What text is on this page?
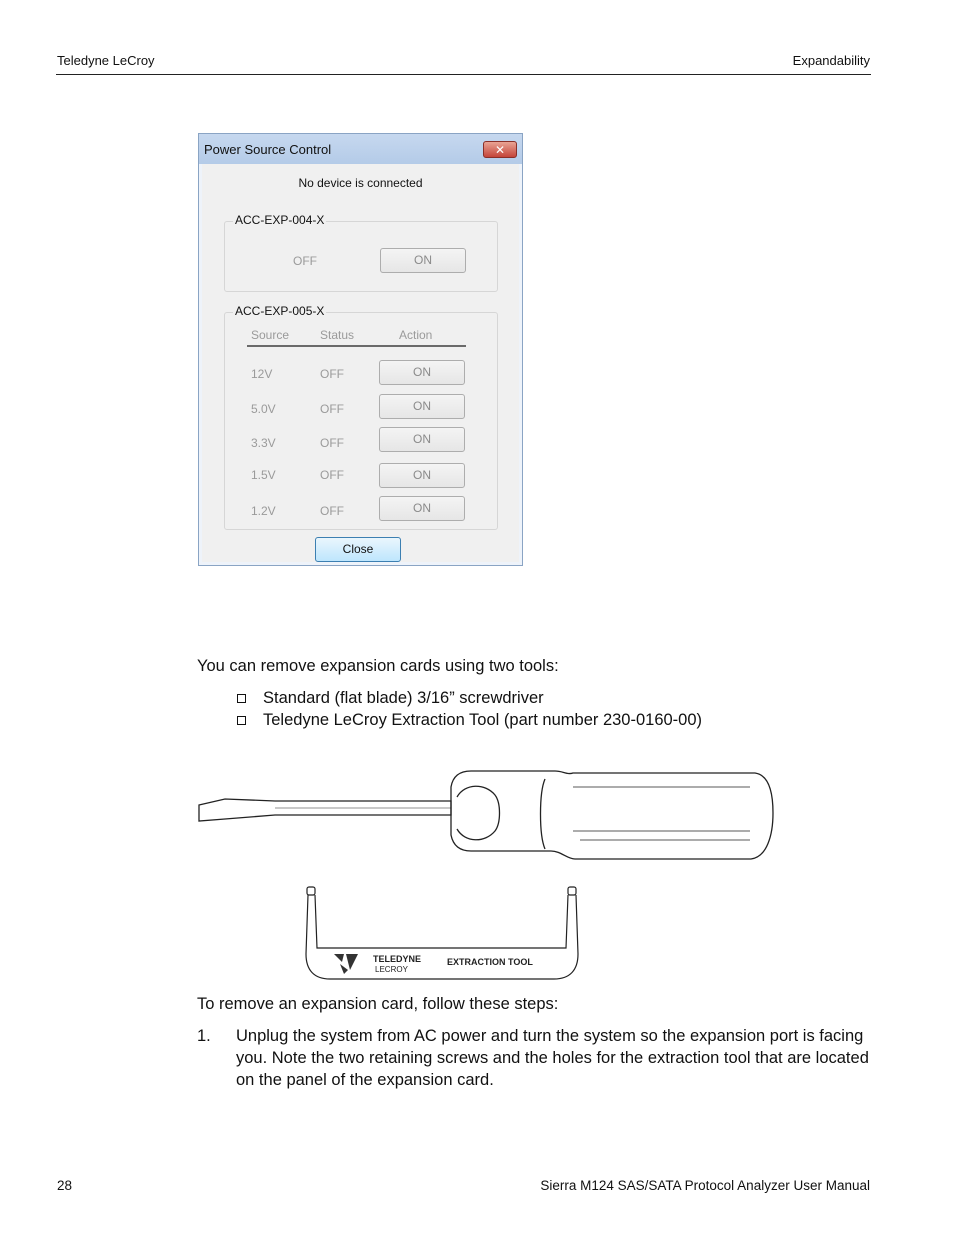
Teledyne LeCroy	Expandability
Power Source Control	✕
No device is connected
ACC-EXP-004-X
OFF	ON
ACC-EXP-005-X
Source	Status	Action
12V	OFF	ON
5.0V	OFF	ON
3.3V	OFF	ON
1.5V	OFF	ON
1.2V	OFF	ON
Close
You can remove expansion cards using two tools:
Standard (flat blade) 3/16” screwdriver
Teledyne LeCroy Extraction Tool (part number 230-0160-00)
TELEDYNE
LECROY
EXTRACTION TOOL
To remove an expansion card, follow these steps:
1. Unplug the system from AC power and turn the system so the expansion port is facing you. Note the two retaining screws and the holes for the extraction tool that are located on the panel of the expansion card.
28	Sierra M124 SAS/SATA Protocol Analyzer User Manual
